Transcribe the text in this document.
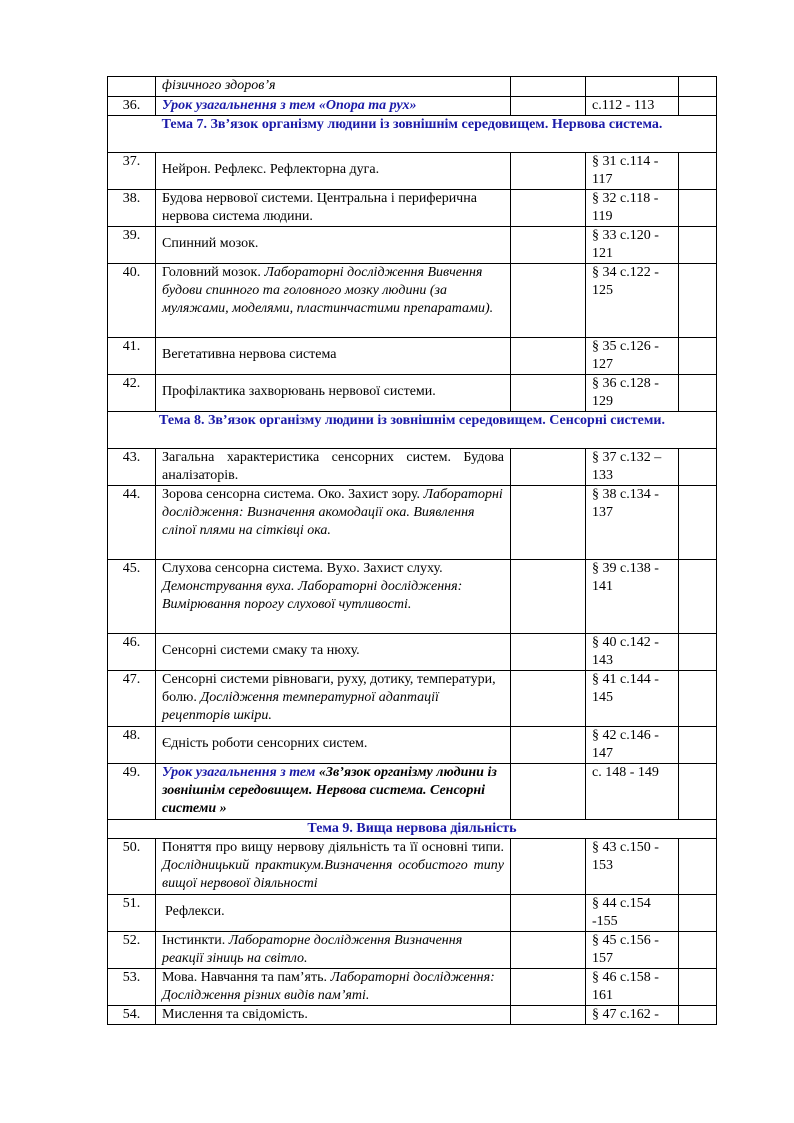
	фізичного здоров’я			
36.	Урок узагальнення з тем «Опора та рух»		с.112 - 113	
Тема 7. Зв’язок організму людини із зовнішнім середовищем. Нервова система.				
37.	Нейрон. Рефлекс. Рефлекторна дуга.		§ 31 с.114 - 117	
38.	Будова нервової системи. Центральна і периферична нервова система людини.		§ 32 с.118 - 119	
39.	Спинний мозок.		§ 33 с.120 - 121	
40.	Головний мозок. Лабораторні дослідження Вивчення будови спинного та головного мозку людини (за муляжами, моделями, пластинчастими препаратами).		§ 34 с.122 - 125	
41.	Вегетативна нервова система		§ 35 с.126 - 127	
42.	Профілактика захворювань нервової системи.		§ 36 с.128 - 129	
Тема 8. Зв’язок організму людини із зовнішнім середовищем. Сенсорні системи.				
43.	Загальна характеристика сенсорних систем. Будова аналізаторів.		§ 37 с.132 – 133	
44.	Зорова сенсорна система. Око. Захист зору. Лабораторні дослідження: Визначення акомодації ока. Виявлення сліпої плями на сітківці ока.		§ 38 с.134 - 137	
45.	Слухова сенсорна система. Вухо. Захист слуху. Демонстрування вуха. Лабораторні дослідження: Вимірювання порогу слухової чутливості.		§ 39 с.138 - 141	
46.	Сенсорні системи смаку та нюху.		§ 40 с.142 - 143	
47.	Сенсорні системи рівноваги, руху, дотику, температури, болю. Дослідження температурної адаптації рецепторів шкіри.		§ 41 с.144 - 145	
48.	Єдність роботи сенсорних систем.		§ 42 с.146 - 147	
49.	Урок узагальнення з тем «Зв’язок організму людини із зовнішнім середовищем. Нервова система. Сенсорні системи »		с. 148 - 149	
Тема 9. Вища нервова діяльність				
50.	Поняття про вищу нервову діяльність та її основні типи. Дослідницький практикум.Визначення особистого типу вищої нервової діяльності		§ 43 с.150 - 153	
51.	Рефлекси.		§ 44 с.154 -155	
52.	Інстинкти. Лабораторне дослідження Визначення реакції зіниць на світло.		§ 45 с.156 - 157	
53.	Мова. Навчання та пам’ять. Лабораторні дослідження: Дослідження різних видів пам’яті.		§ 46 с.158 - 161	
54.	Мислення та свідомість.		§ 47 с.162 -	
